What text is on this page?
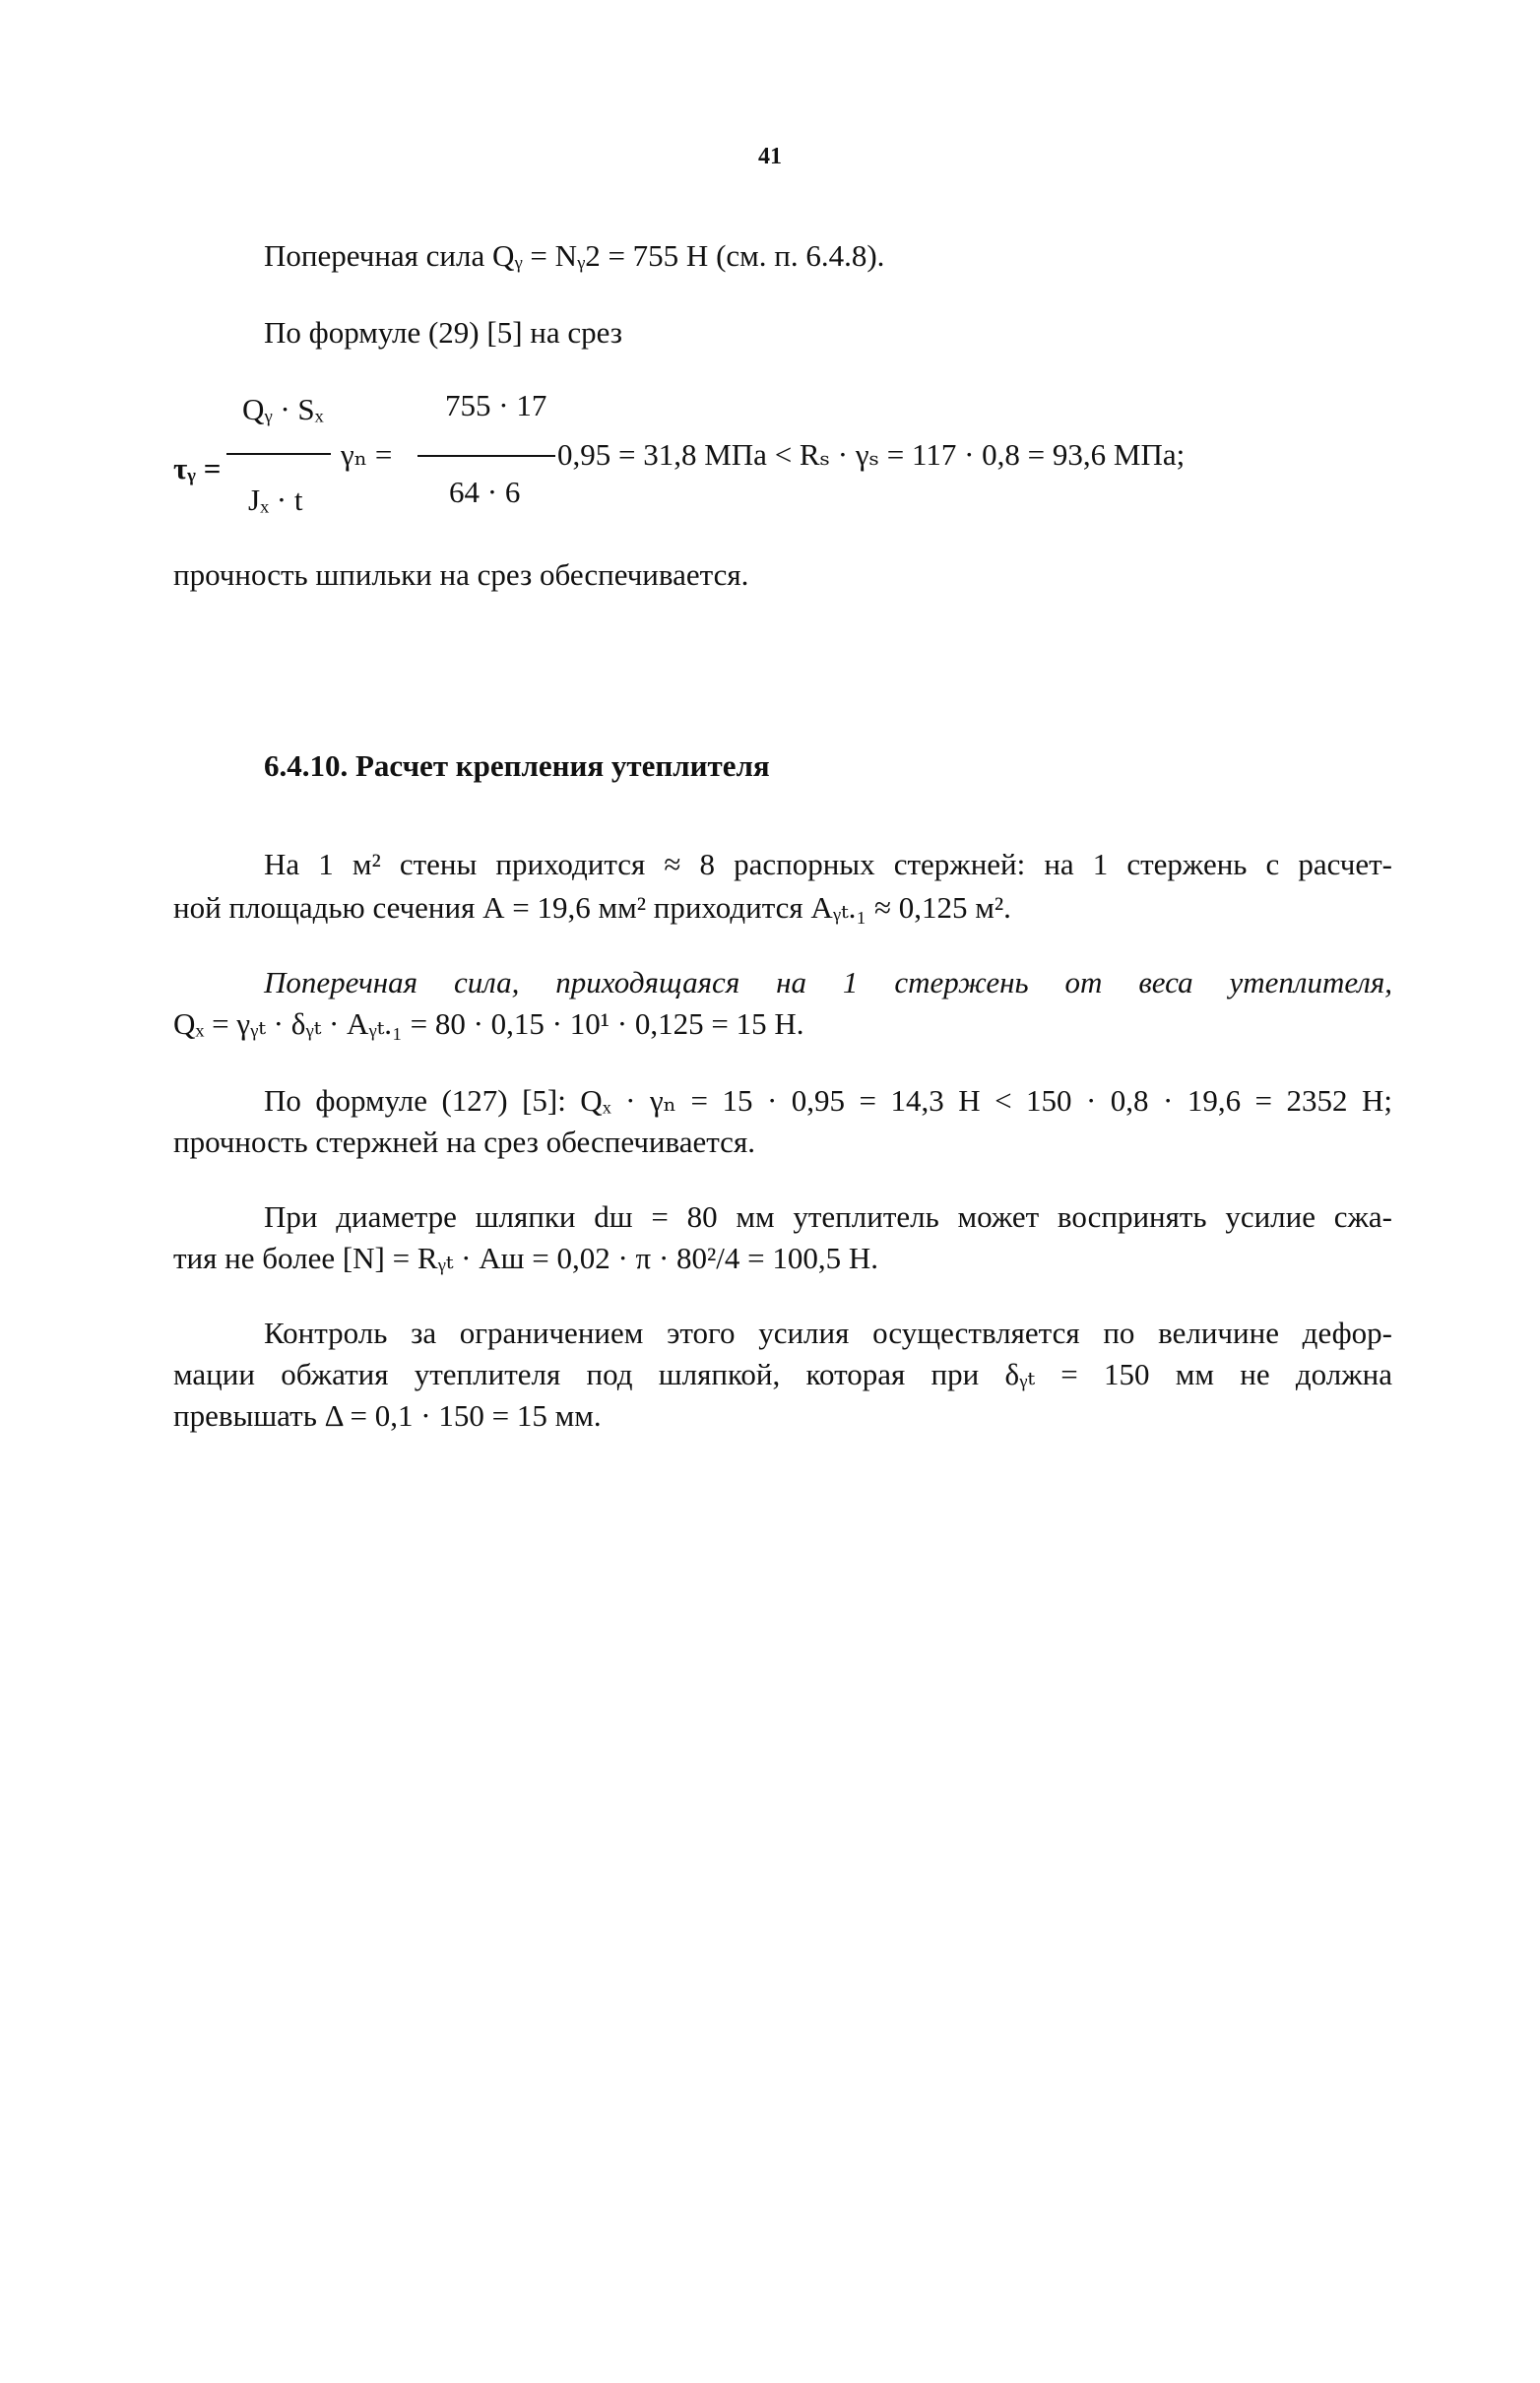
41
Поперечная сила Qᵧ = Nᵧ2 = 755 Н (см. п. 6.4.8).
По формуле (29) [5] на срез
τᵧ =
Qᵧ · Sₓ
Jₓ · t
γₙ =
755 · 17
64 · 6
0,95 = 31,8 МПа < Rₛ · γₛ = 117 · 0,8 = 93,6 МПа;
прочность шпильки на срез обеспечивается.
6.4.10. Расчет крепления утеплителя
На 1 м² стены приходится ≈ 8 распорных стержней: на 1 стержень с расчет-
ной площадью сечения А = 19,6 мм² приходится Аᵧₜ.₁ ≈ 0,125 м².
Поперечная сила, приходящаяся на 1 стержень от веса утеплителя,
Qₓ = γᵧₜ · δᵧₜ · Аᵧₜ.₁ = 80 · 0,15 · 10¹ · 0,125 = 15 Н.
По формуле (127) [5]: Qₓ · γₙ = 15 · 0,95 = 14,3 Н < 150 · 0,8 · 19,6 = 2352 Н;
прочность стержней на срез обеспечивается.
При диаметре шляпки dш = 80 мм утеплитель может воспринять усилие сжа-
тия не более [N] = Rᵧₜ · Аш = 0,02 · π · 80²/4 = 100,5 Н.
Контроль за ограничением этого усилия осуществляется по величине дефор-
мации обжатия утеплителя под шляпкой, которая при δᵧₜ = 150 мм не должна
превышать Δ = 0,1 · 150 = 15 мм.
